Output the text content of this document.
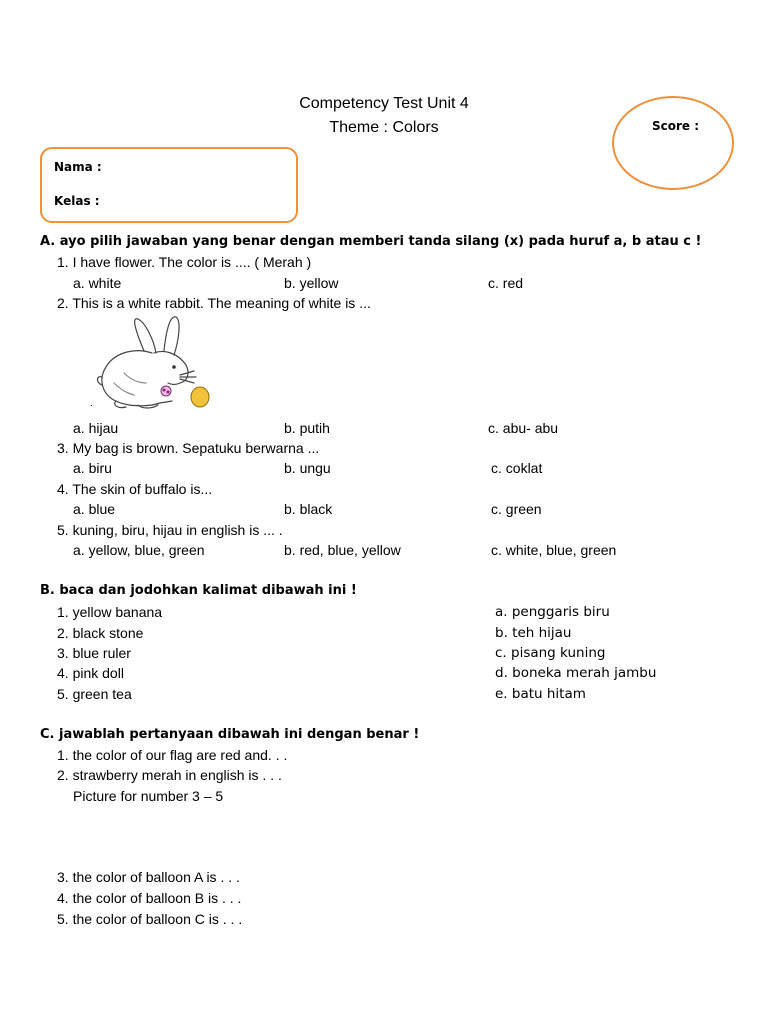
Competency Test Unit 4
Theme : Colors	Score :
Nama :
Kelas :
A. ayo pilih jawaban yang benar dengan memberi tanda silang (x) pada huruf a, b atau c !
1. I have flower. The color is .... ( Merah )
a. white	b. yellow	c. red
2. This is a white rabbit. The meaning of white is ...
.
a. hijau	b. putih	c. abu- abu
3. My bag is brown. Sepatuku berwarna ...
a. biru	b. ungu	c. coklat
4. The skin of buffalo is...
a. blue	b. black	c. green
5. kuning, biru, hijau in english is ... .
a. yellow, blue, green	b. red, blue, yellow	c. white, blue, green
B. baca dan jodohkan kalimat dibawah ini !
1. yellow banana
2. black stone
3. blue ruler
4. pink doll
5. green tea
a. penggaris biru
b. teh hijau
c. pisang kuning
d. boneka merah jambu
e. batu hitam
C. jawablah pertanyaan dibawah ini dengan benar !
1. the color of our flag are red and. . .
2. strawberry merah in english is . . .
Picture for number 3 – 5
3. the color of balloon A is . . .
4. the color of balloon B is . . .
5. the color of balloon C is . . .
